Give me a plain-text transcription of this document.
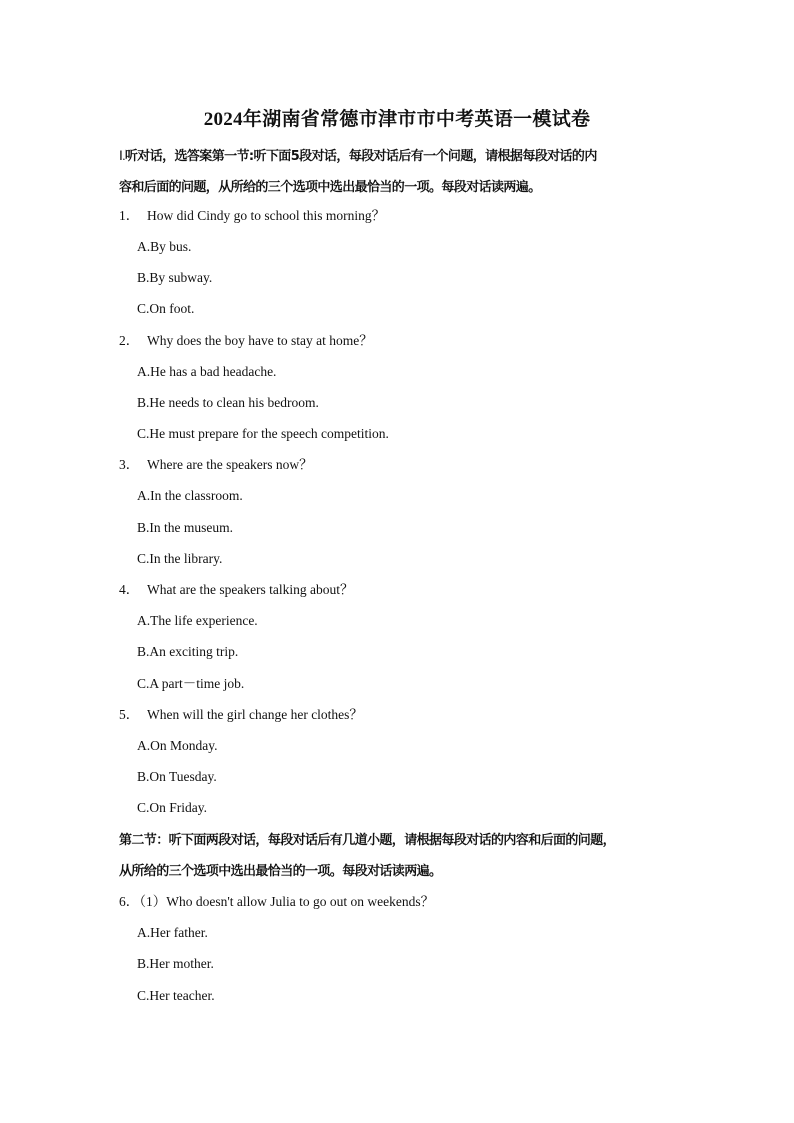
2024年湖南省常德市津市市中考英语一模试卷
Ⅰ.听对话，选答案第一节:听下面5段对话，每段对话后有一个问题，请根据每段对话的内
容和后面的问题，从所给的三个选项中选出最恰当的一项。每段对话读两遍。
1． How did Cindy go to school this morning？
A.By bus.
B.By subway.
C.On foot.
2． Why does the boy have to stay at home？
A.He has a bad headache.
B.He needs to clean his bedroom.
C.He must prepare for the speech competition.
3． Where are the speakers now？
A.In the classroom.
B.In the museum.
C.In the library.
4． What are the speakers talking about？
A.The life experience.
B.An exciting trip.
C.A part－time job.
5． When will the girl change her clothes？
A.On Monday.
B.On Tuesday.
C.On Friday.
第二节：听下面两段对话，每段对话后有几道小题，请根据每段对话的内容和后面的问题，
从所给的三个选项中选出最恰当的一项。每段对话读两遍。
6．（1）Who doesn't allow Julia to go out on weekends？
A.Her father.
B.Her mother.
C.Her teacher.
